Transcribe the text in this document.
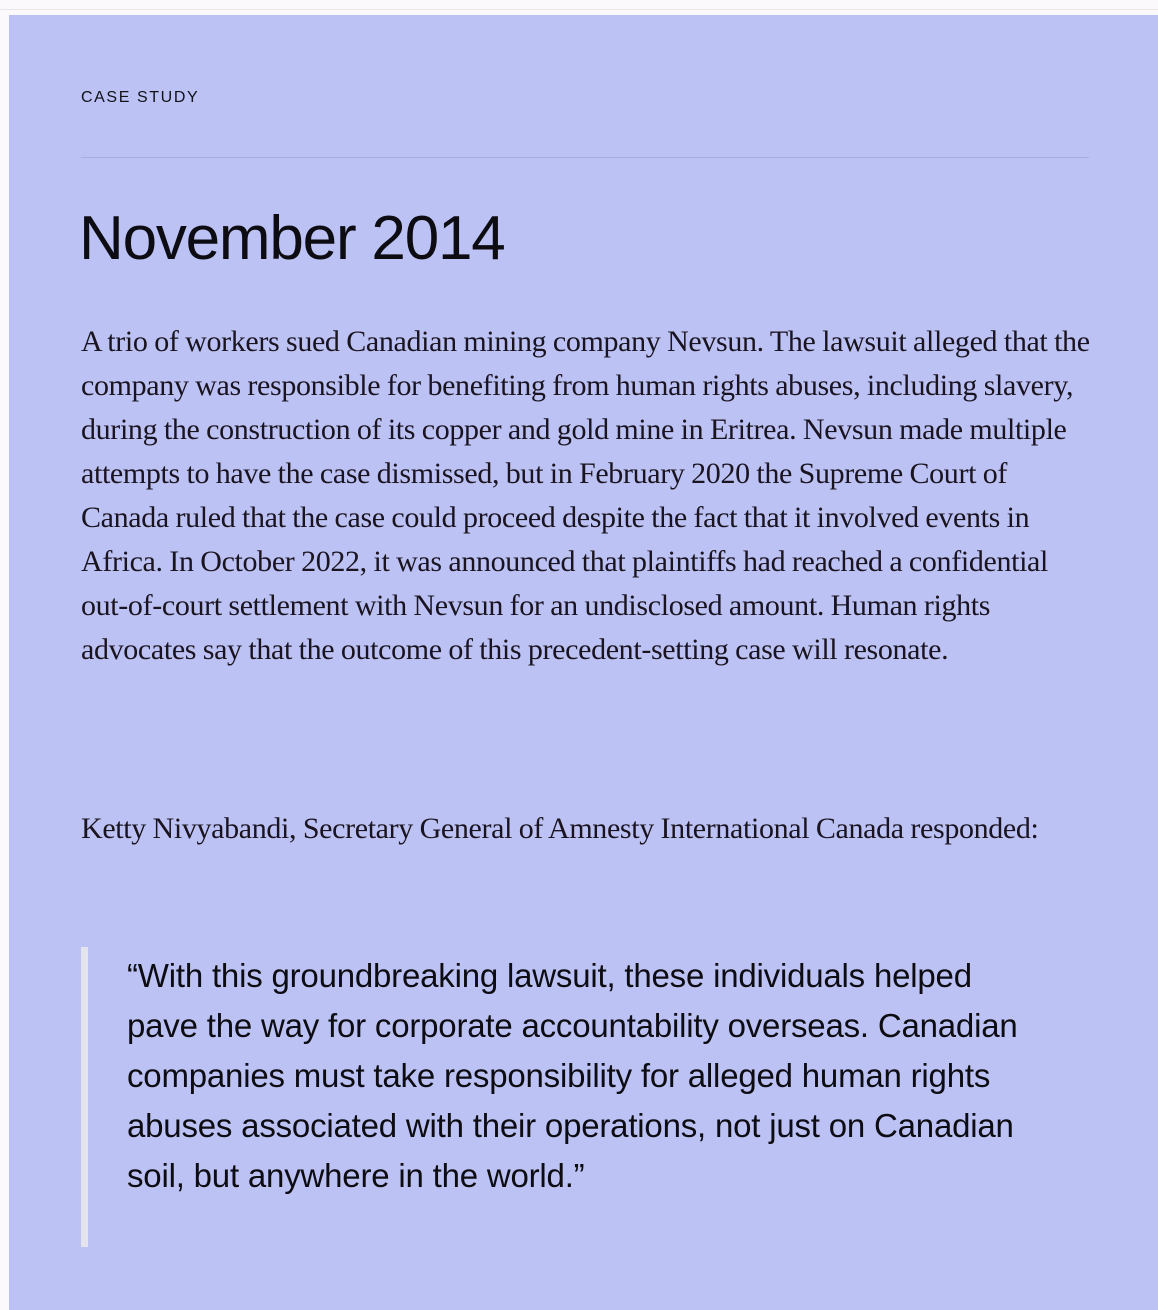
CASE STUDY

November 2014

A trio of workers sued Canadian mining company Nevsun. The lawsuit alleged that the company was responsible for benefiting from human rights abuses, including slavery, during the construction of its copper and gold mine in Eritrea. Nevsun made multiple attempts to have the case dismissed, but in February 2020 the Supreme Court of Canada ruled that the case could proceed despite the fact that it involved events in Africa. In October 2022, it was announced that plaintiffs had reached a confidential out-of-court settlement with Nevsun for an undisclosed amount. Human rights advocates say that the outcome of this precedent-setting case will resonate.

Ketty Nivyabandi, Secretary General of Amnesty International Canada responded:

“With this groundbreaking lawsuit, these individuals helped pave the way for corporate accountability overseas. Canadian companies must take responsibility for alleged human rights abuses associated with their operations, not just on Canadian soil, but anywhere in the world.”
